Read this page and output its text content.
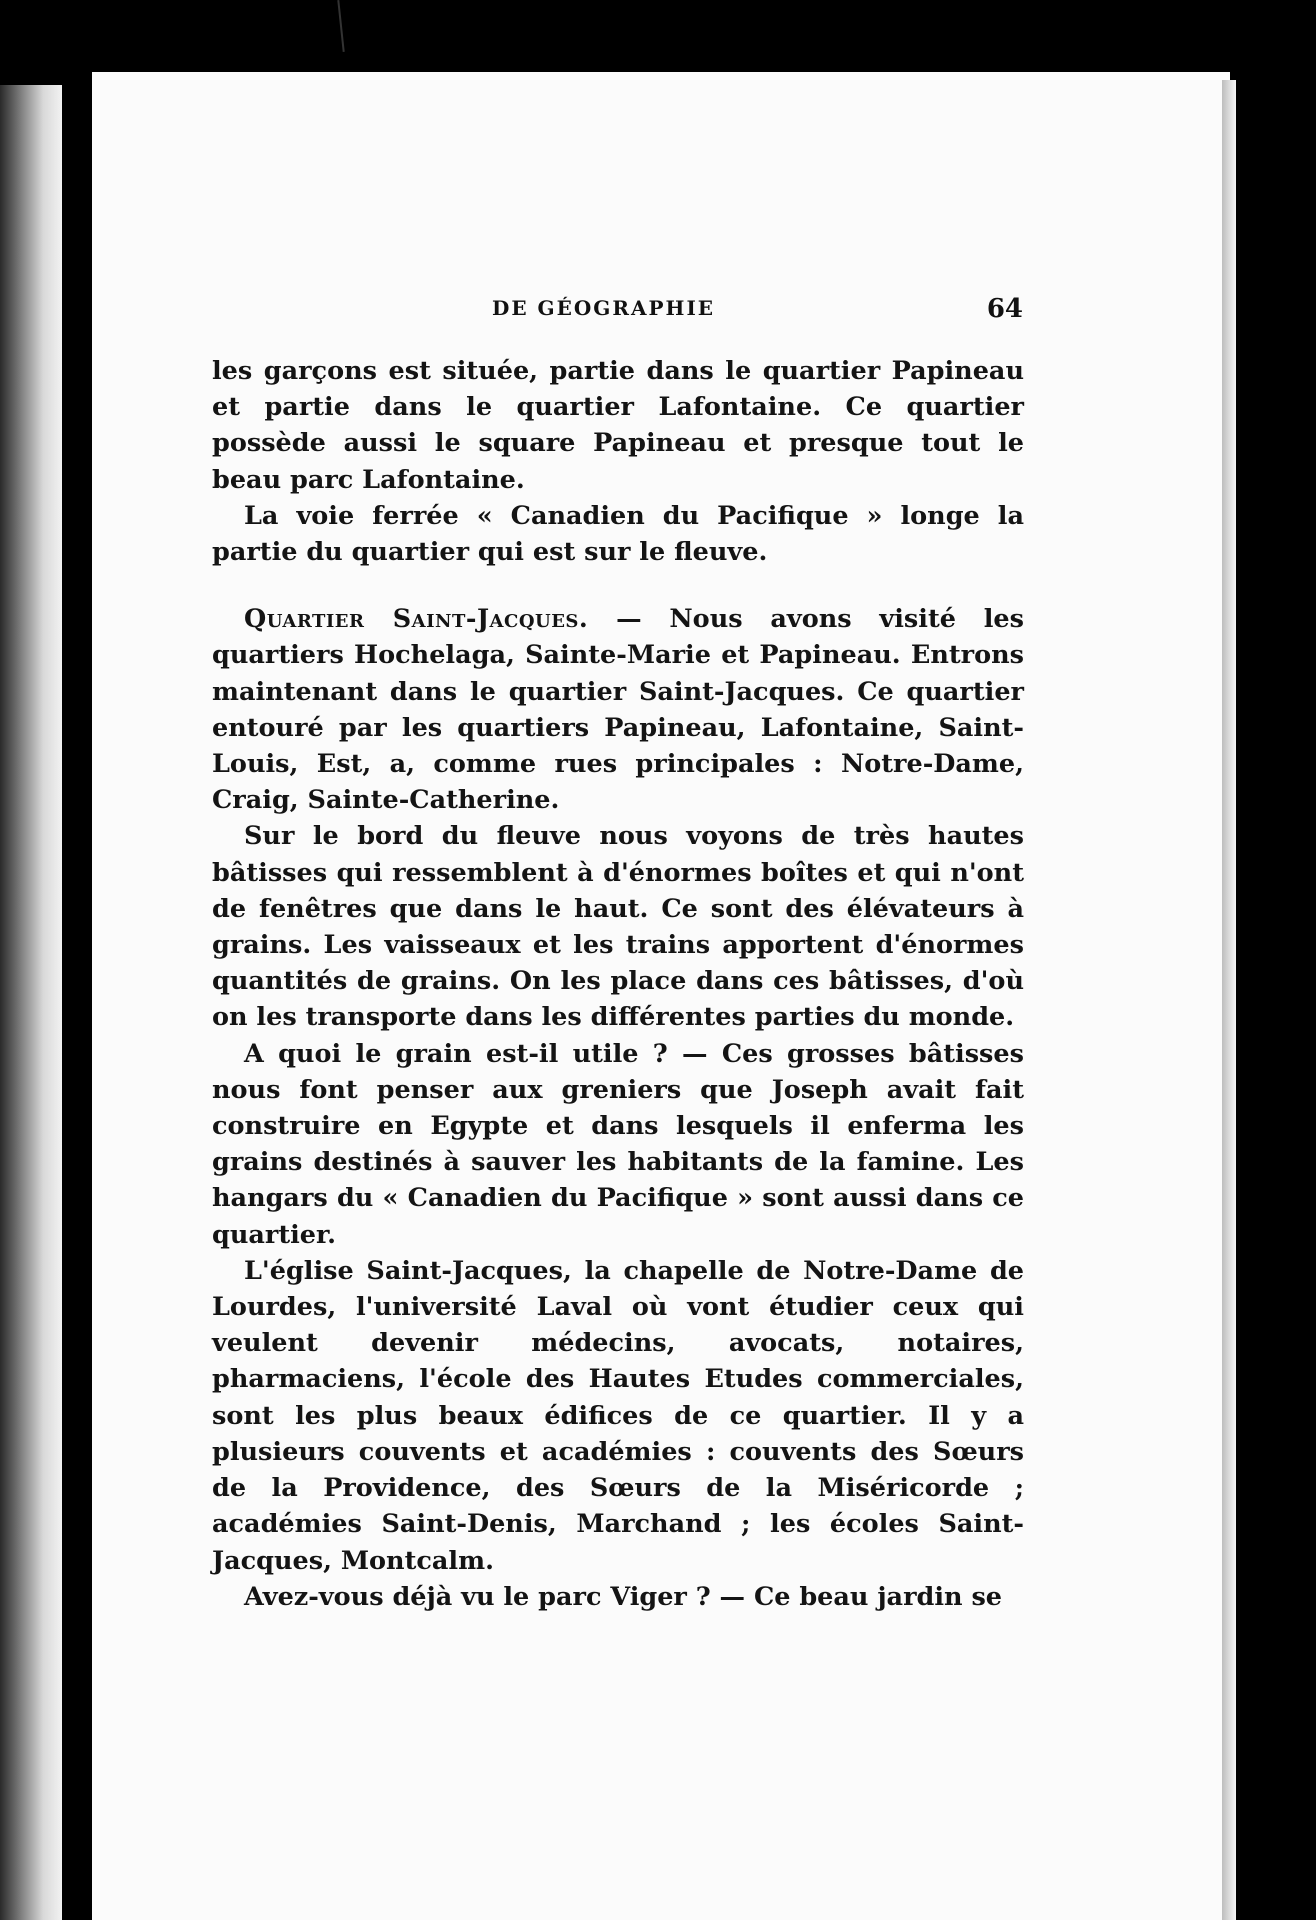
DE GÉOGRAPHIE	64

les garçons est située, partie dans le quartier Papineau et partie dans le quartier Lafontaine. Ce quartier possède aussi le square Papineau et presque tout le beau parc Lafontaine.

La voie ferrée « Canadien du Pacifique » longe la partie du quartier qui est sur le fleuve.

Quartier Saint-Jacques. — Nous avons visité les quartiers Hochelaga, Sainte-Marie et Papineau. Entrons maintenant dans le quartier Saint-Jacques. Ce quartier entouré par les quartiers Papineau, Lafontaine, Saint-Louis, Est, a, comme rues principales : Notre-Dame, Craig, Sainte-Catherine.

Sur le bord du fleuve nous voyons de très hautes bâtisses qui ressemblent à d'énormes boîtes et qui n'ont de fenêtres que dans le haut. Ce sont des élévateurs à grains. Les vaisseaux et les trains apportent d'énormes quantités de grains. On les place dans ces bâtisses, d'où on les transporte dans les différentes parties du monde.

A quoi le grain est-il utile ? — Ces grosses bâtisses nous font penser aux greniers que Joseph avait fait construire en Egypte et dans lesquels il enferma les grains destinés à sauver les habitants de la famine. Les hangars du « Canadien du Pacifique » sont aussi dans ce quartier.

L'église Saint-Jacques, la chapelle de Notre-Dame de Lourdes, l'université Laval où vont étudier ceux qui veulent devenir médecins, avocats, notaires, pharmaciens, l'école des Hautes Etudes commerciales, sont les plus beaux édifices de ce quartier. Il y a plusieurs couvents et académies : couvents des Sœurs de la Providence, des Sœurs de la Miséricorde ; académies Saint-Denis, Marchand ; les écoles Saint-Jacques, Montcalm.

Avez-vous déjà vu le parc Viger ? — Ce beau jardin se
